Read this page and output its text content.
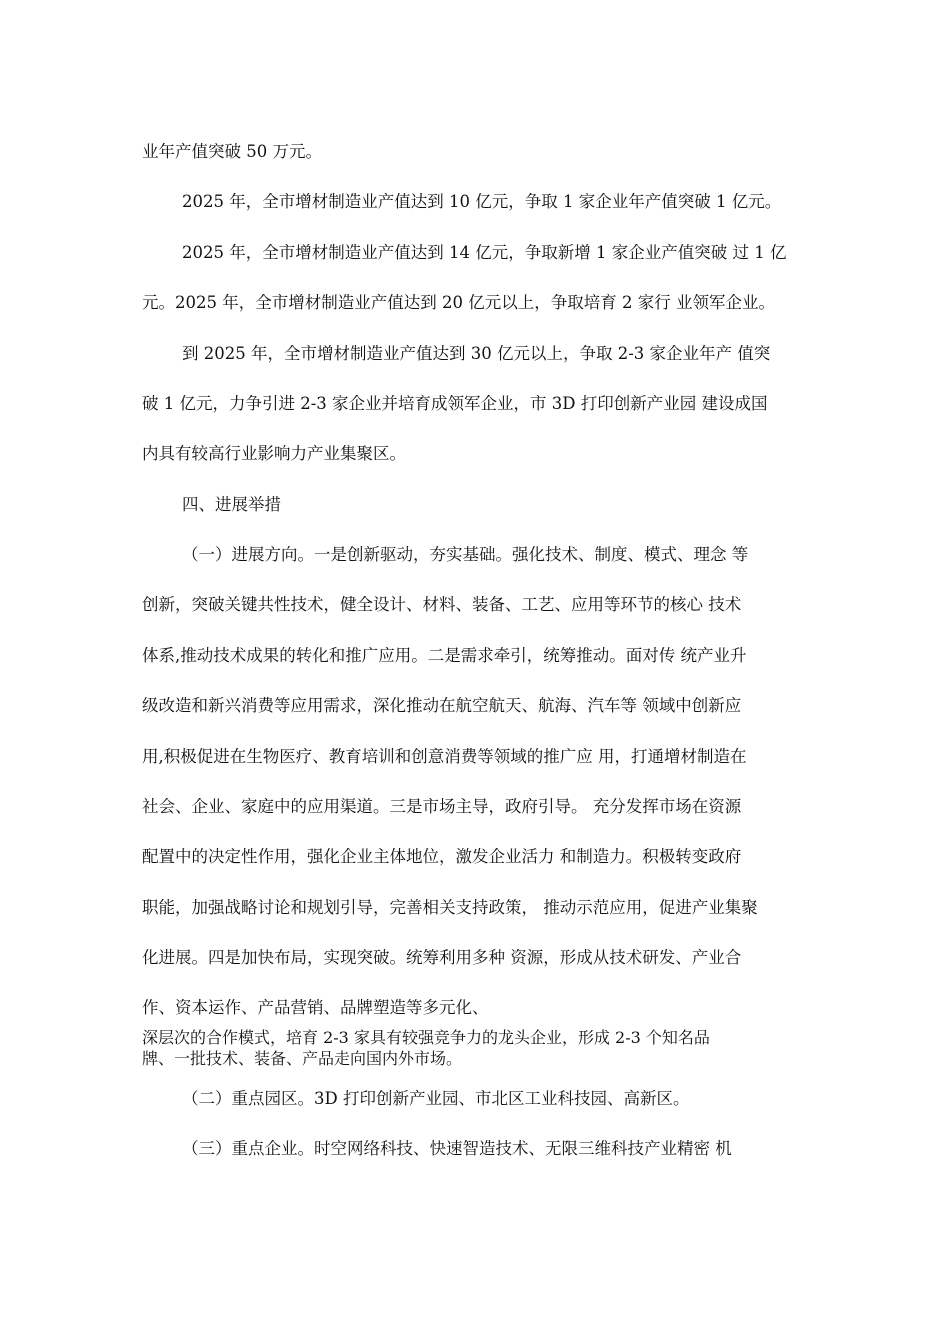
业年产值突破 50 万元。
2025 年，全市增材制造业产值达到 10 亿元，争取 1 家企业年产值突破 1 亿元。
2025 年，全市增材制造业产值达到 14 亿元，争取新增 1 家企业产值突破 过 1 亿
元。2025 年，全市增材制造业产值达到 20 亿元以上，争取培育 2 家行 业领军企业。
到 2025 年，全市增材制造业产值达到 30 亿元以上，争取 2-3 家企业年产 值突
破 1 亿元，力争引进 2-3 家企业并培育成领军企业，市 3D 打印创新产业园 建设成国
内具有较高行业影响力产业集聚区。
四、进展举措
（一）进展方向。一是创新驱动，夯实基础。强化技术、制度、模式、理念 等
创新，突破关键共性技术，健全设计、材料、装备、工艺、应用等环节的核心 技术
体系,推动技术成果的转化和推广应用。二是需求牵引，统筹推动。面对传 统产业升
级改造和新兴消费等应用需求，深化推动在航空航天、航海、汽车等 领域中创新应
用,积极促进在生物医疗、教育培训和创意消费等领域的推广应 用，打通增材制造在
社会、企业、家庭中的应用渠道。三是市场主导，政府引导。 充分发挥市场在资源
配置中的决定性作用，强化企业主体地位，激发企业活力 和制造力。积极转变政府
职能，加强战略讨论和规划引导，完善相关支持政策， 推动示范应用，促进产业集聚
化进展。四是加快布局，实现突破。统筹利用多种 资源，形成从技术研发、产业合
作、资本运作、产品营销、品牌塑造等多元化、
深层次的合作模式，培育 2-3 家具有较强竞争力的龙头企业，形成 2-3 个知名品
牌、一批技术、装备、产品走向国内外市场。
（二）重点园区。3D 打印创新产业园、市北区工业科技园、高新区。
（三）重点企业。时空网络科技、快速智造技术、无限三维科技产业精密 机
